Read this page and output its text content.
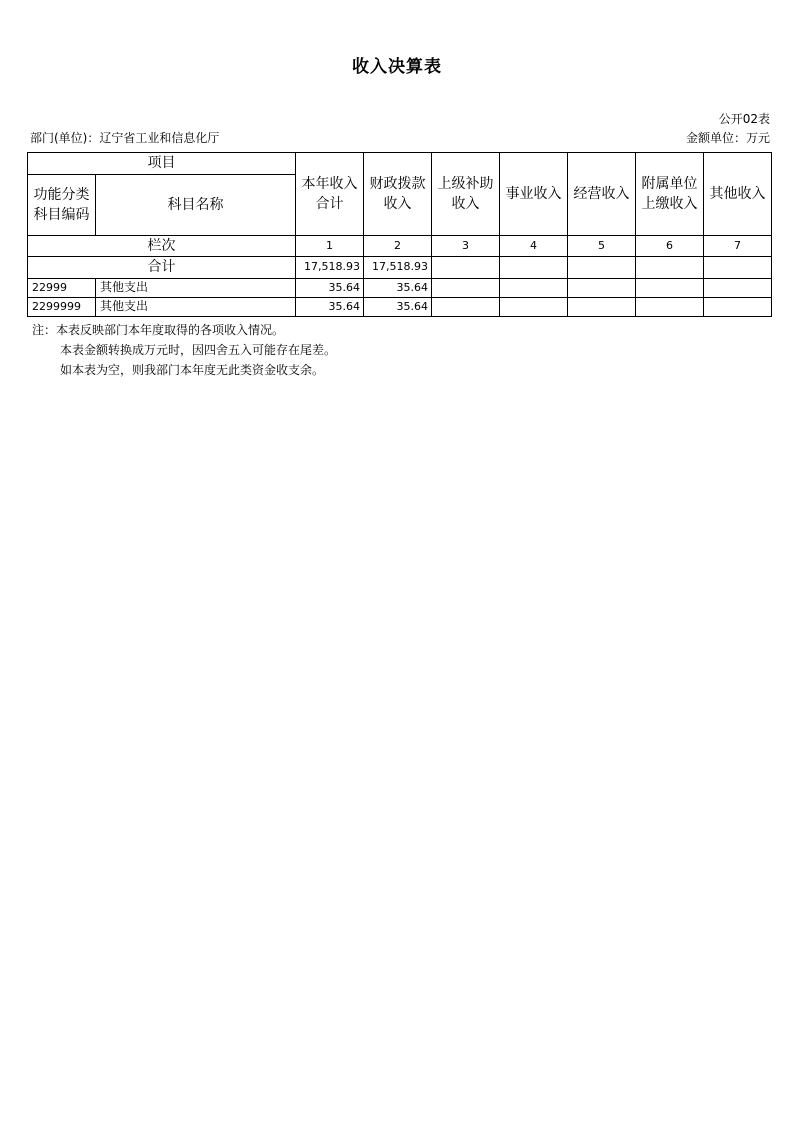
收入决算表
公开02表
部门(单位)：辽宁省工业和信息化厅	金额单位：万元
项目		本年收入合计	财政拨款收入	上级补助收入	事业收入	经营收入	附属单位上缴收入	其他收入
功能分类科目编码	科目名称							
栏次		1	2	3	4	5	6	7
合计		17,518.93	17,518.93					
22999	其他支出	35.64	35.64					
2299999	其他支出	35.64	35.64					
注：本表反映部门本年度取得的各项收入情况。
本表金额转换成万元时，因四舍五入可能存在尾差。
如本表为空，则我部门本年度无此类资金收支余。
